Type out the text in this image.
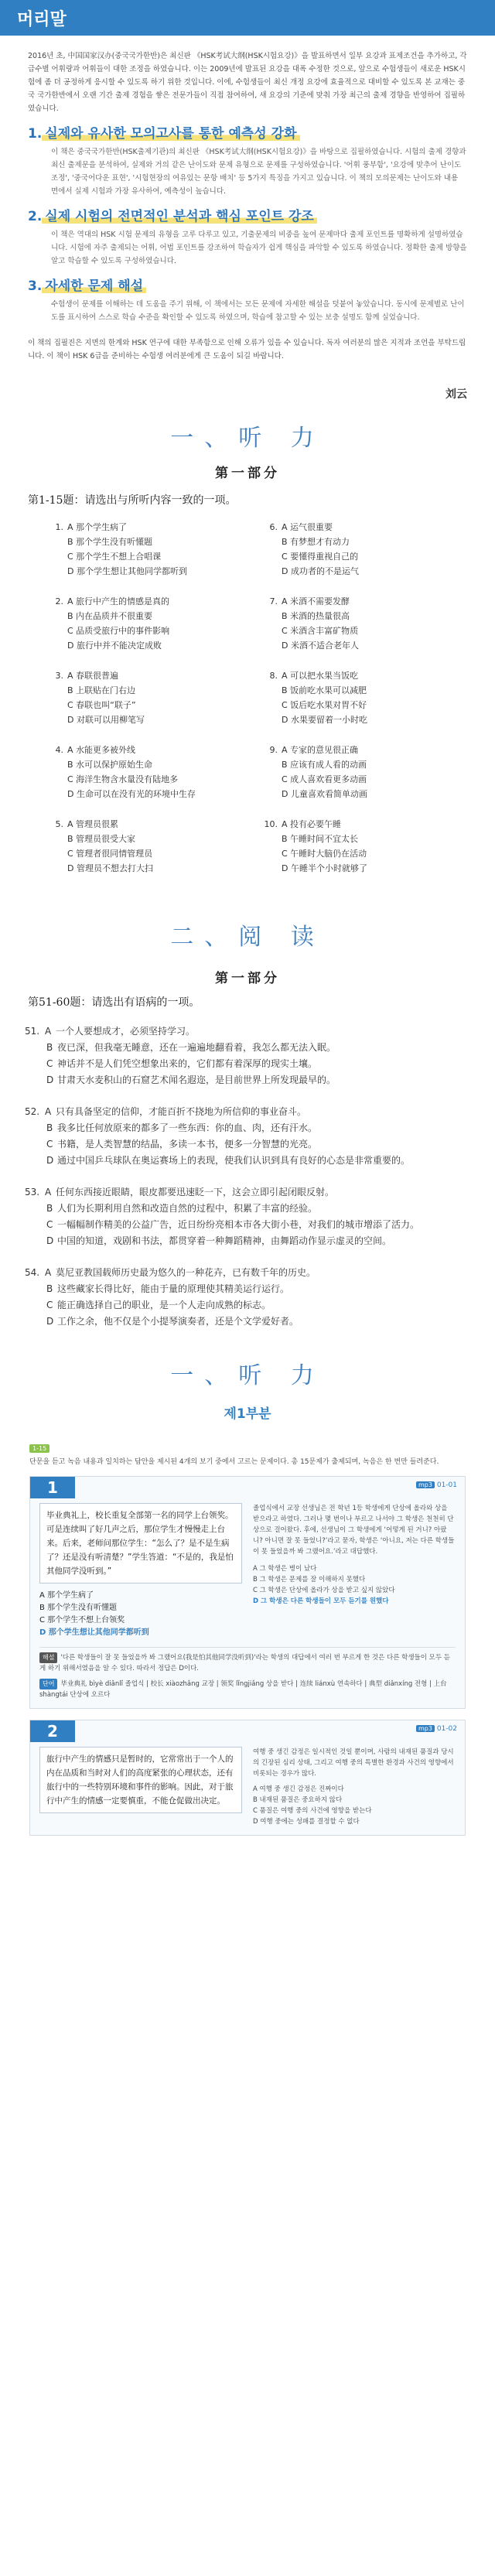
머리말

2016년 초, 中国国家汉办(중국국가한반)은 최신판 《HSK考试大纲(HSK시험요강)》을 발표하면서 일부 요강과 표제조건을 추가하고, 각 급수별 어휘량과 어휘들이 대한 조정을 하였습니다. 이는 2009년에 발표된 요강을 대폭 수정한 것으로, 앞으로 수험생들이 새로운 HSK시험에 좀 더 공정하게 응시할 수 있도록 하기 위한 것입니다. 이에, 수험생들이 최신 개정 요강에 효율적으로 대비할 수 있도록 본 교재는 중국 국가한반에서 오랜 기간 출제 경험을 쌓은 전문가들이 직접 참여하여, 새 요강의 기준에 맞춰 가장 최근의 출제 경향을 반영하여 집필하였습니다.

1. 실제와 유사한 모의고사를 통한 예측성 강화
이 책은 중국국가한반(HSK출제기관)의 최신판 《HSK考试大纲(HSK시험요강)》을 바탕으로 집필하였습니다. 시험의 출제 경향과 최신 출제문을 분석하여, 실제와 거의 같은 난이도와 문제 유형으로 문제를 구성하였습니다. '어휘 풍부함', '요강에 맞추어 난이도 조정', '중국어다운 표현', '시험현장의 여유있는 문항 배치' 등 5가지 특징을 가지고 있습니다. 이 책의 모의문제는 난이도와 내용 면에서 실제 시험과 가장 유사하여, 예측성이 높습니다.
2. 실제 시험의 전면적인 분석과 핵심 포인트 강조
이 책은 역대의 HSK 시험 문제의 유형을 고루 다루고 있고, 기출문제의 비중을 높여 문제마다 출제 포인트를 명확하게 설명하였습니다. 시험에 자주 출제되는 어휘, 어법 포인트를 강조하여 학습자가 쉽게 핵심을 파악할 수 있도록 하였습니다. 정확한 출제 방향을 알고 학습할 수 있도록 구성하였습니다.
3. 자세한 문제 해설
수험생이 문제를 이해하는 데 도움을 주기 위해, 이 책에서는 모든 문제에 자세한 해설을 덧붙여 놓았습니다. 동시에 문제별로 난이도를 표시하여 스스로 학습 수준을 확인할 수 있도록 하였으며, 학습에 참고할 수 있는 보충 설명도 함께 실었습니다.

이 책의 집필진은 지면의 한계와 HSK 연구에 대한 부족함으로 인해 오류가 있을 수 있습니다. 독자 여러분의 많은 지적과 조언을 부탁드립니다. 이 책이 HSK 6급을 준비하는 수험생 여러분에게 큰 도움이 되길 바랍니다.

刘云
一、听 力
第一部分
第1-15题：请选出与所听内容一致的一项。
1. A 那个学生病了
B 那个学生没有听懂题
C 那个学生不想上合唱课
D 那个学生想让其他同学都听到
6. A 运气很重要
B 有梦想才有动力
C 要懂得重视自己的
D 成功者的不是运气
2. A 旅行中产生的情感是真的
B 内在品质并不很重要
C 品质受旅行中的事件影响
D 旅行中并不能决定成败
7. A 米酒不需要发酵
B 米酒的热量很高
C 米酒含丰富矿物质
D 米酒不适合老年人
3. A 春联很普遍
B 上联贴在门右边
C 春联也叫“联子”
D 对联可以用柳笔写
8. A 可以把水果当饭吃
B 饭前吃水果可以减肥
C 饭后吃水果对胃不好
D 水果要留着一小时吃
4. A 水能更多被外线
B 水可以保护原始生命
C 海洋生物含水量没有陆地多
D 生命可以在没有光的环境中生存
9. A 专家的意见很正确
B 应该有成人看的动画
C 成人喜欢看更多动画
D 儿童喜欢看简单动画
5. A 管理员很累
B 管理员很受大家
C 管理者很同情管理员
D 管理员不想去打大扫
10. A 投有必要午睡
B 午睡时间不宜太长
C 午睡时大脑仍在活动
D 午睡半个小时就够了
二、阅 读
第一部分
第51-60题：请选出有语病的一项。
51. A 一个人要想成才，必须坚持学习。
B 夜已深，但我毫无睡意，还在一遍遍地翻看着，我怎么都无法入眠。
C 神话并不是人们凭空想象出来的，它们都有着深厚的现实土壤。
D 甘肃天水麦积山的石窟艺术闻名遐迩，是目前世界上所发现最早的。
52. A 只有具备坚定的信仰，才能百折不挠地为所信仰的事业奋斗。
B 我多比任何放原来的都多了一些东西：你的血、肉，还有汗水。
C 书籍，是人类智慧的结晶，多读一本书，便多一分智慧的光亮。
D 通过中国乒乓球队在奥运赛场上的表现，使我们认识到具有良好的心态是非常重要的。
53. A 任何东西接近眼睛，眼皮都要迅速眨一下，这会立即引起闭眼反射。
B 人们为长期利用自然和改造自然的过程中，积累了丰富的经验。
C 一幅幅制作精美的公益广告，近日纷纷亮相本市各大街小巷，对我们的城市增添了活力。
D 中国的知道，戏剧和书法，都贯穿着一种舞蹈精神，由舞蹈动作显示虚灵的空间。
54. A 莫尼亚教国载师历史最为悠久的一种花卉，已有数千年的历史。
B 这些藏家长得比好，能由于量的原理使其精美运行运行。
C 能正确选择自己的职业，是一个人走向成熟的标志。
D 工作之余，他不仅是个小提琴演奏者，还是个文学爱好者。
一、听 力
제1부분
1-15
단문을 듣고 녹음 내용과 일치하는 답안을 제시된 4개의 보기 중에서 고르는 문제이다. 총 15문제가 출제되며, 녹음은 한 번만 들려준다.
1	mp3 01-01
毕业典礼上，校长重复全部第一名的同学上台领奖。可是连续叫了好几声之后，那位学生才慢慢走上台来。后来，老师问那位学生：“怎么了？是不是生病了？还是没有听清楚？”学生答道：“不是的，我是怕其他同学没听到。”
A 那个学生病了
B 那个学生没有听懂题
C 那个学生不想上台领奖
D 那个学生想让其他同学都听到
졸업식에서 교장 선생님은 전 학년 1등 학생에게 단상에 올라와 상을 받으라고 하였다. 그러나 몇 번이나 부르고 나서야 그 학생은 천천히 단상으로 걸어왔다. 후에, 선생님이 그 학생에게 ‘어떻게 된 거니? 아팠니? 아니면 잘 못 들었니?’라고 묻자, 학생은 ‘아니요, 저는 다른 학생들이 못 들었을까 봐 그랬어요.’라고 대답했다.
A 그 학생은 병이 났다
B 그 학생은 문제를 잘 이해하지 못했다
C 그 학생은 단상에 올라가 상을 받고 싶지 않았다
D 그 학생은 다른 학생들이 모두 듣기를 원했다
해설 '다른 학생들이 잘 못 들었을까 봐 그랬어요(我是怕其他同学没听到)'라는 학생의 대답에서 여러 번 부르게 한 것은 다른 학생들이 모두 듣게 하기 위해서였음을 알 수 있다. 따라서 정답은 D이다.
단어 毕业典礼 bìyè diǎnlǐ 졸업식 | 校长 xiàozhǎng 교장 | 领奖 lǐngjiǎng 상을 받다 | 连续 liánxù 연속하다 | 典型 diǎnxíng 전형 | 上台 shàngtái 단상에 오르다
2	mp3 01-02
旅行中产生的情感只是暂时的，它常常出于一个人的内在品质和当时对人们的高度紧张的心理状态，还有旅行中的一些特别环境和事件的影响。因此，对于旅行中产生的情感一定要慎重，不能仓促做出决定。
여행 중 생긴 감정은 일시적인 것일 뿐이며, 사람의 내재된 품질과 당시의 긴장된 심리 상태, 그리고 여행 중의 특별한 환경과 사건의 영향에서 비롯되는 경우가 많다.
A 여행 중 생긴 감정은 진짜이다
B 내재된 품질은 중요하지 않다
C 품질은 여행 중의 사건에 영향을 받는다
D 여행 중에는 성패를 결정할 수 없다
